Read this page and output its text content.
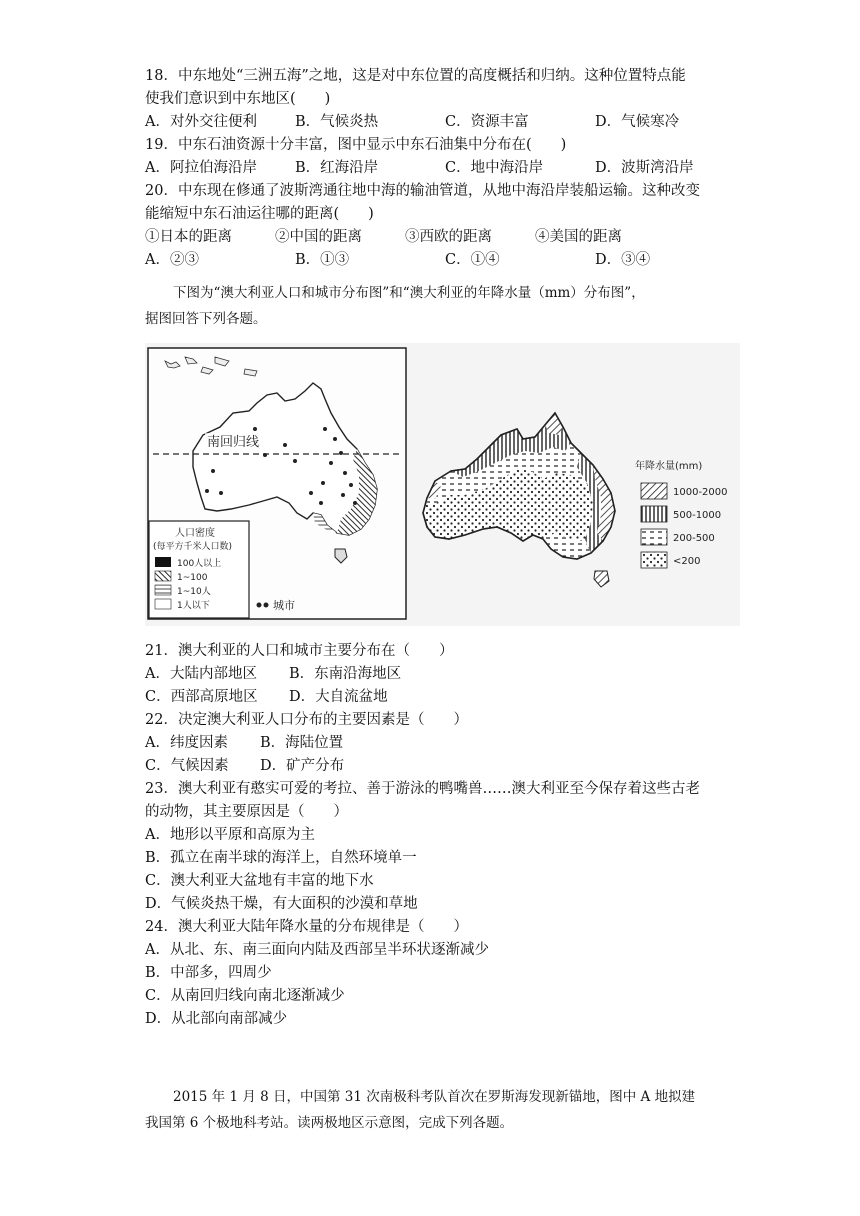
18．中东地处“三洲五海”之地，这是对中东位置的高度概括和归纳。这种位置特点能
使我们意识到中东地区(　　)
A．对外交往便利	B．气候炎热	C．资源丰富	D．气候寒冷
19．中东石油资源十分丰富，图中显示中东石油集中分布在(　　)
A．阿拉伯海沿岸	B．红海沿岸	C．地中海沿岸	D．波斯湾沿岸
20．中东现在修通了波斯湾通往地中海的输油管道，从地中海沿岸装船运输。这种改变
能缩短中东石油运往哪的距离(　　)
①日本的距离	②中国的距离	③西欧的距离	④美国的距离
A．②③	B．①③	C．①④	D．③④
下图为“澳大利亚人口和城市分布图”和“澳大利亚的年降水量（mm）分布图”，
据图回答下列各题。
南回归线
人口密度
(每平方千米人口数)
100人以上
1~100
1~10人
1人以下	城市
年降水量(mm)
1000-2000
500-1000
200-500
<200
21．澳大利亚的人口和城市主要分布在（　　）
A．大陆内部地区 B．东南沿海地区
C．西部高原地区 D．大自流盆地
22．决定澳大利亚人口分布的主要因素是（　　）
A．纬度因素 B．海陆位置
C．气候因素 D．矿产分布
23．澳大利亚有憨实可爱的考拉、善于游泳的鸭嘴兽……澳大利亚至今保存着这些古老
的动物，其主要原因是（　　）
A．地形以平原和高原为主
B．孤立在南半球的海洋上，自然环境单一
C．澳大利亚大盆地有丰富的地下水
D．气候炎热干燥，有大面积的沙漠和草地
24．澳大利亚大陆年降水量的分布规律是（　　）
A．从北、东、南三面向内陆及西部呈半环状逐渐减少
B．中部多，四周少
C．从南回归线向南北逐渐减少
D．从北部向南部减少
2015 年 1 月 8 日，中国第 31 次南极科考队首次在罗斯海发现新锚地，图中 A 地拟建
我国第 6 个极地科考站。读两极地区示意图，完成下列各题。
